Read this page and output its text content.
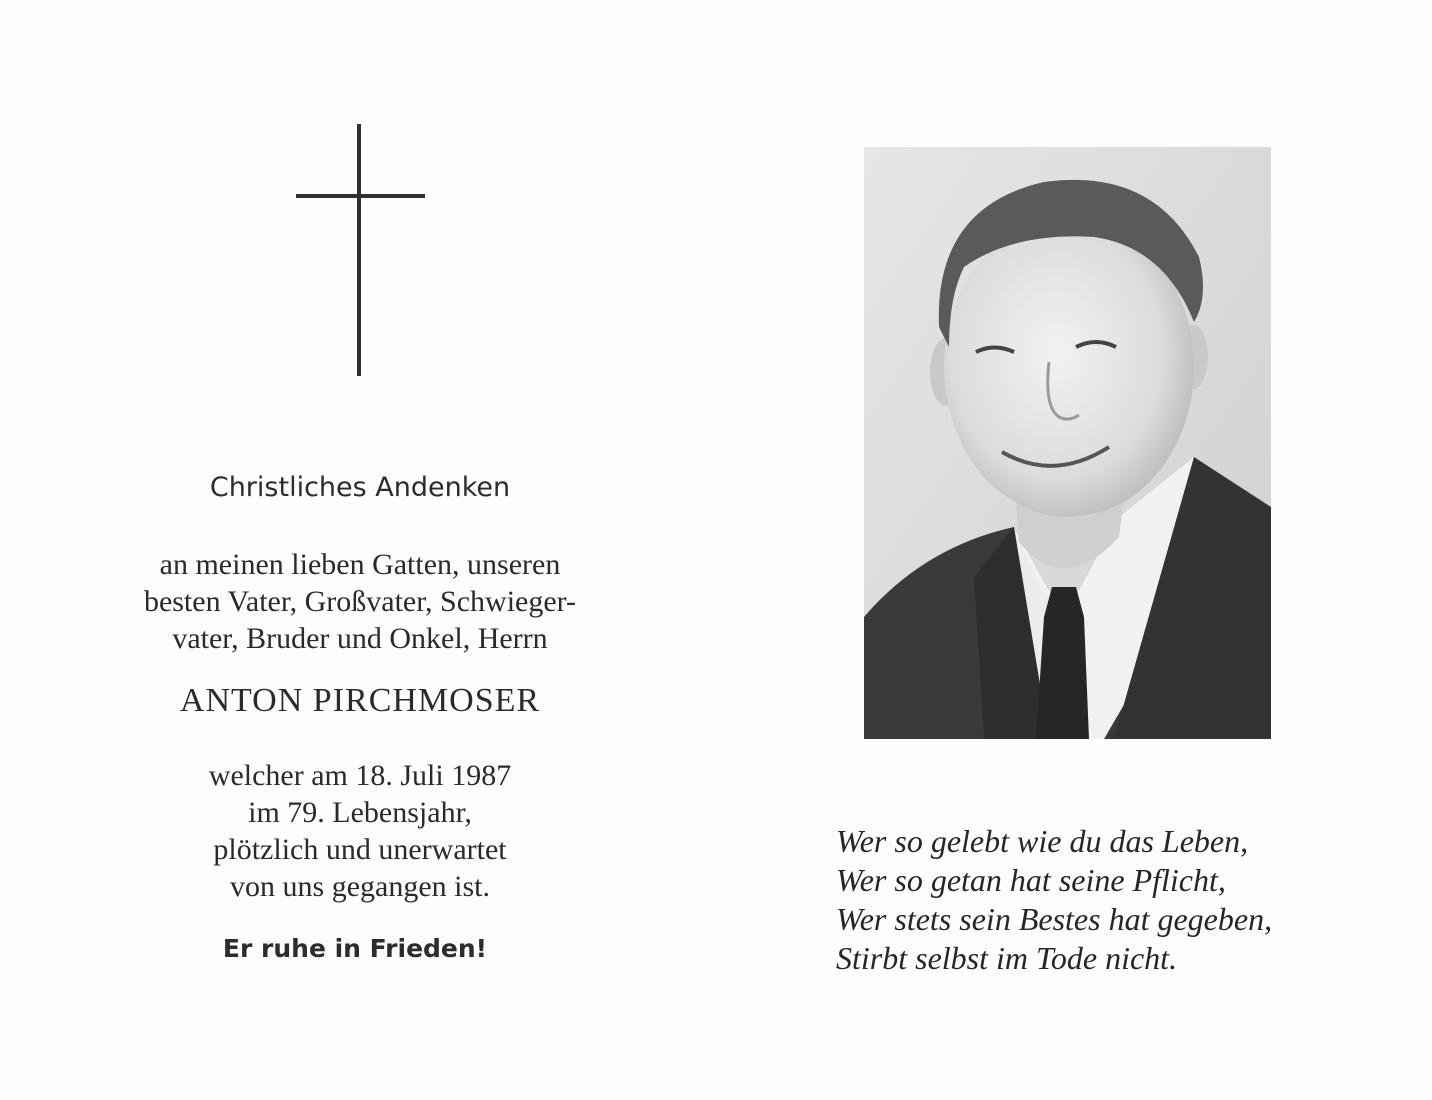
Christliches Andenken
an meinen lieben Gatten, unseren
besten Vater, Großvater, Schwieger-
vater, Bruder und Onkel, Herrn
ANTON PIRCHMOSER
welcher am 18. Juli 1987
im 79. Lebensjahr,
plötzlich und unerwartet
von uns gegangen ist.
Er ruhe in Frieden!
Wer so gelebt wie du das Leben,
Wer so getan hat seine Pflicht,
Wer stets sein Bestes hat gegeben,
Stirbt selbst im Tode nicht.
